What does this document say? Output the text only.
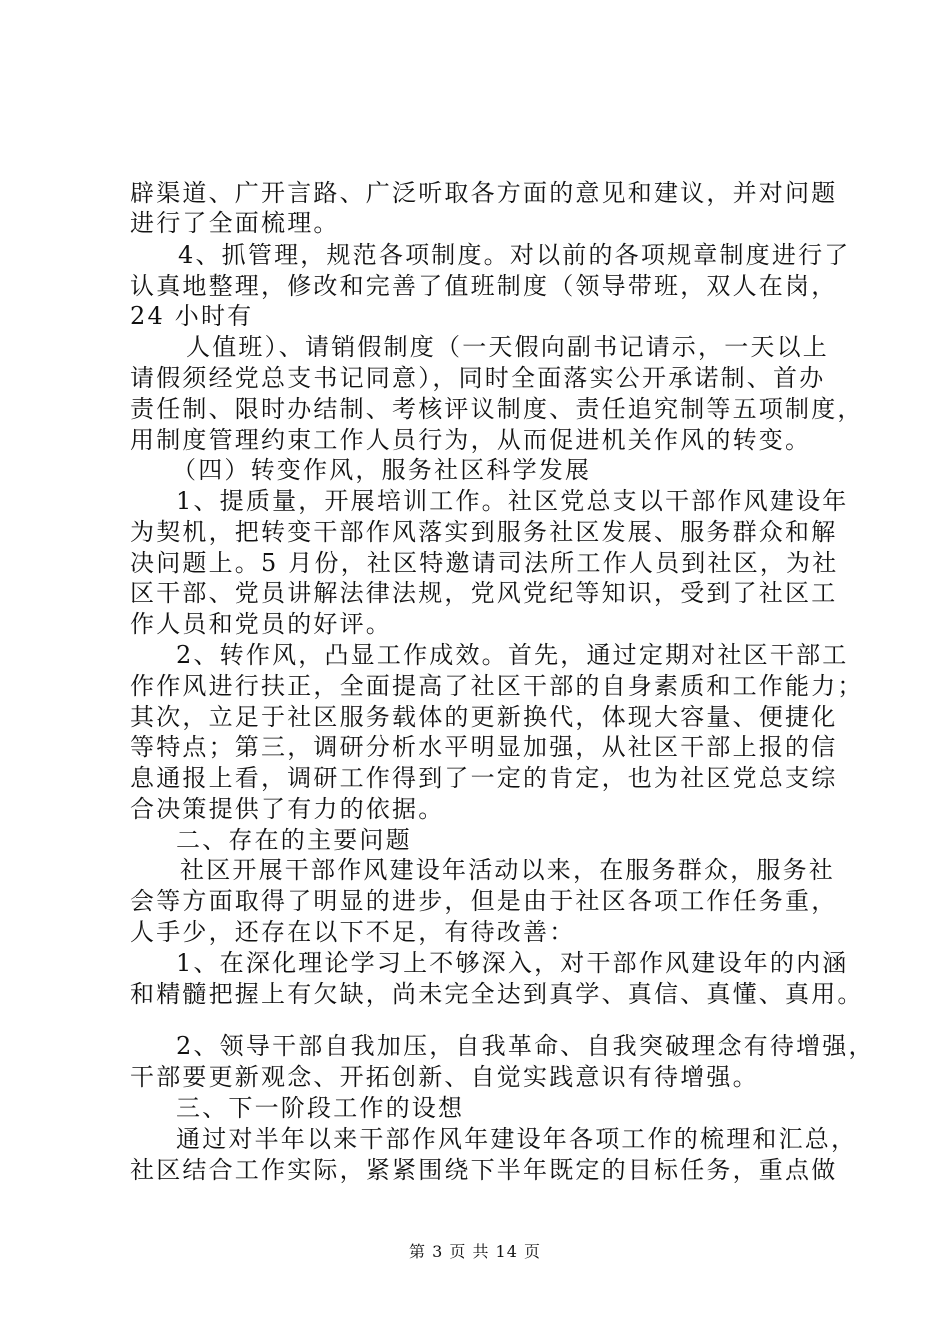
辟渠道、广开言路、广泛听取各方面的意见和建议，并对问题
进行了全面梳理。
4、抓管理，规范各项制度。对以前的各项规章制度进行了
认真地整理，修改和完善了值班制度（领导带班，双人在岗，
24 小时有
人值班）、请销假制度（一天假向副书记请示，一天以上
请假须经党总支书记同意），同时全面落实公开承诺制、首办
责任制、限时办结制、考核评议制度、责任追究制等五项制度，
用制度管理约束工作人员行为，从而促进机关作风的转变。
（四）转变作风，服务社区科学发展
1、提质量，开展培训工作。社区党总支以干部作风建设年
为契机，把转变干部作风落实到服务社区发展、服务群众和解
决问题上。5 月份，社区特邀请司法所工作人员到社区，为社
区干部、党员讲解法律法规，党风党纪等知识，受到了社区工
作人员和党员的好评。
2、转作风，凸显工作成效。首先，通过定期对社区干部工
作作风进行扶正，全面提高了社区干部的自身素质和工作能力；
其次，立足于社区服务载体的更新换代，体现大容量、便捷化
等特点；第三，调研分析水平明显加强，从社区干部上报的信
息通报上看，调研工作得到了一定的肯定，也为社区党总支综
合决策提供了有力的依据。
二、存在的主要问题
社区开展干部作风建设年活动以来，在服务群众，服务社
会等方面取得了明显的进步，但是由于社区各项工作任务重，
人手少，还存在以下不足，有待改善：
1、在深化理论学习上不够深入，对干部作风建设年的内涵
和精髓把握上有欠缺，尚未完全达到真学、真信、真懂、真用。
2、领导干部自我加压，自我革命、自我突破理念有待增强，
干部要更新观念、开拓创新、自觉实践意识有待增强。
三、下一阶段工作的设想
通过对半年以来干部作风年建设年各项工作的梳理和汇总，
社区结合工作实际，紧紧围绕下半年既定的目标任务，重点做
第 3 页 共 14 页
